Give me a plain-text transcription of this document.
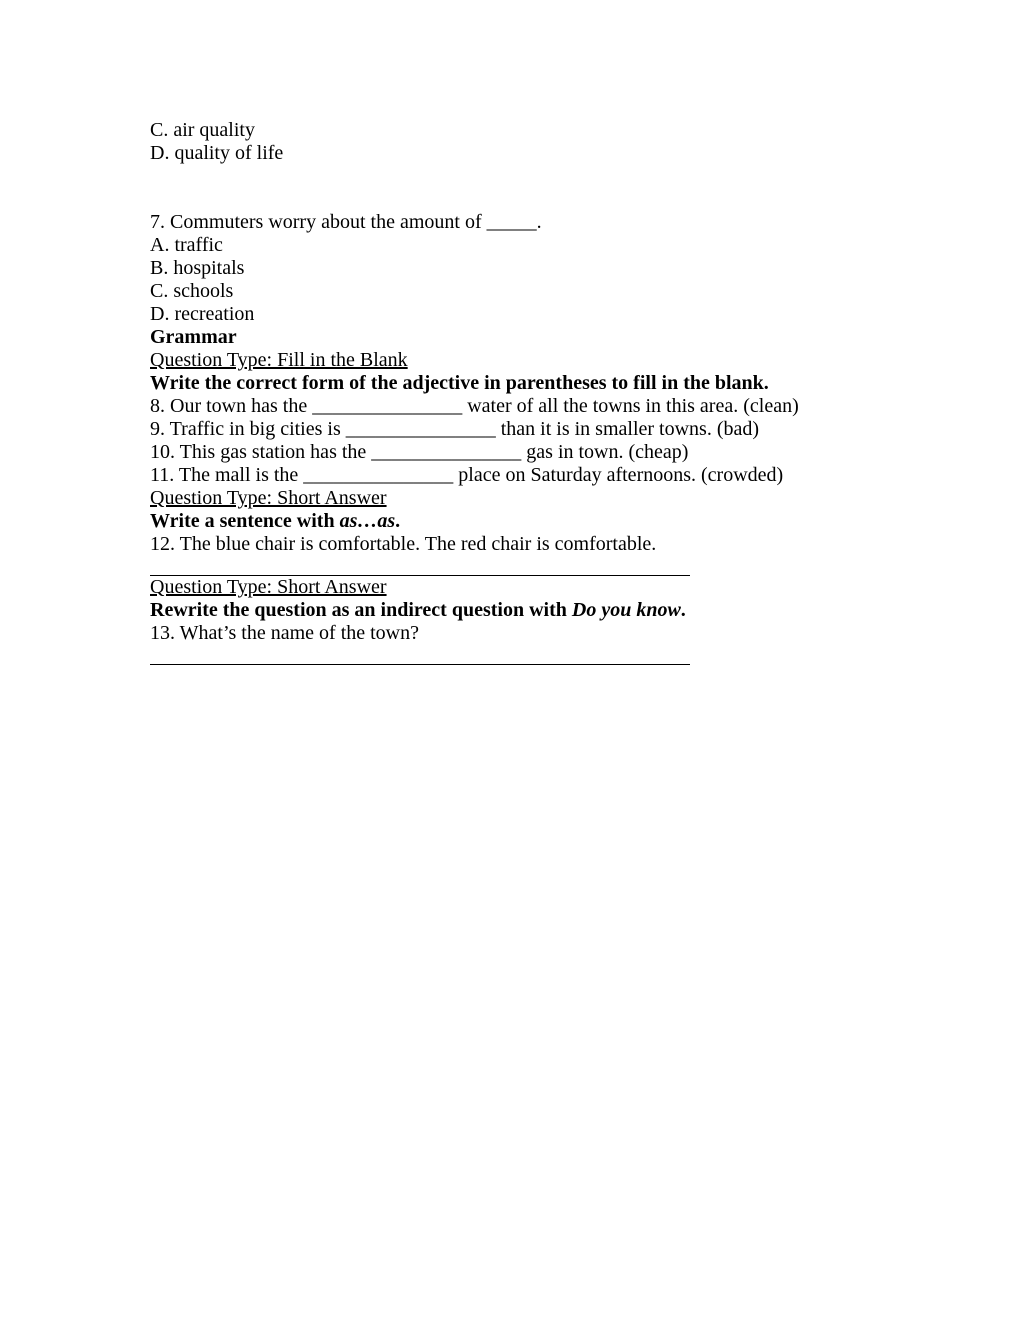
C. air quality

D. quality of life

7. Commuters worry about the amount of _____.

A. traffic

B. hospitals

C. schools

D. recreation

Grammar

Question Type: Fill in the Blank

Write the correct form of the adjective in parentheses to fill in the blank.

8. Our town has the _______________ water of all the towns in this area. (clean)

9. Traffic in big cities is _______________ than it is in smaller towns. (bad)

10. This gas station has the _______________ gas in town. (cheap)

11. The mall is the _______________ place on Saturday afternoons. (crowded)

Question Type: Short Answer

Write a sentence with as…as.

12. The blue chair is comfortable. The red chair is comfortable.

Question Type: Short Answer

Rewrite the question as an indirect question with Do you know.

13. What’s the name of the town?
